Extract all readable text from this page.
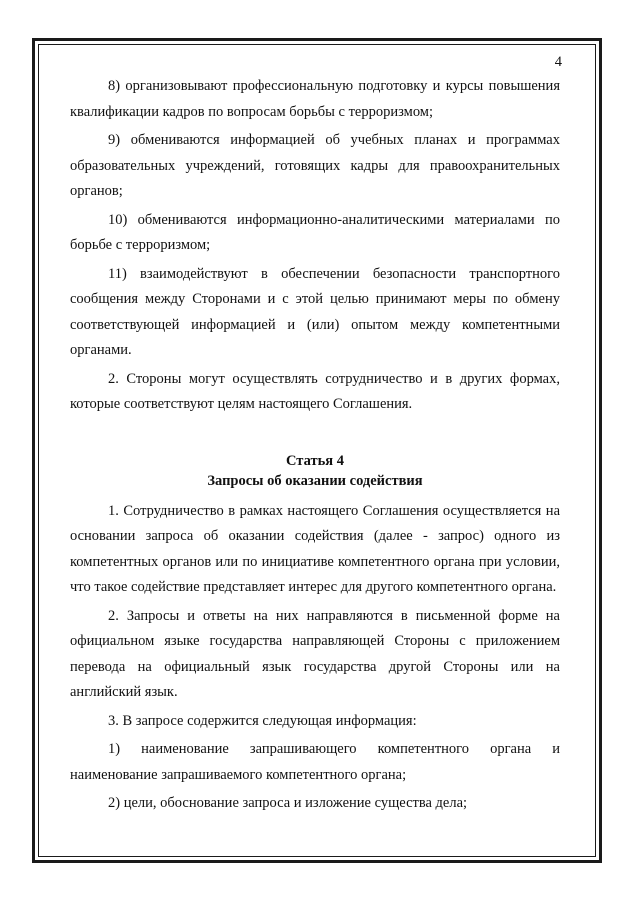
4

8) организовывают профессиональную подготовку и курсы повышения квалификации кадров по вопросам борьбы с терроризмом;

9) обмениваются информацией об учебных планах и программах образовательных учреждений, готовящих кадры для правоохранительных органов;

10) обмениваются информационно-аналитическими материалами по борьбе с терроризмом;

11) взаимодействуют в обеспечении безопасности транспортного сообщения между Сторонами и с этой целью принимают меры по обмену соответствующей информацией и (или) опытом между компетентными органами.

2. Стороны могут осуществлять сотрудничество и в других формах, которые соответствуют целям настоящего Соглашения.

Статья 4
Запросы об оказании содействия

1. Сотрудничество в рамках настоящего Соглашения осуществляется на основании запроса об оказании содействия (далее - запрос) одного из компетентных органов или по инициативе компетентного органа при условии, что такое содействие представляет интерес для другого компетентного органа.

2. Запросы и ответы на них направляются в письменной форме на официальном языке государства направляющей Стороны с приложением перевода на официальный язык государства другой Стороны или на английский язык.

3. В запросе содержится следующая информация:

1) наименование запрашивающего компетентного органа и наименование запрашиваемого компетентного органа;

2) цели, обоснование запроса и изложение существа дела;
